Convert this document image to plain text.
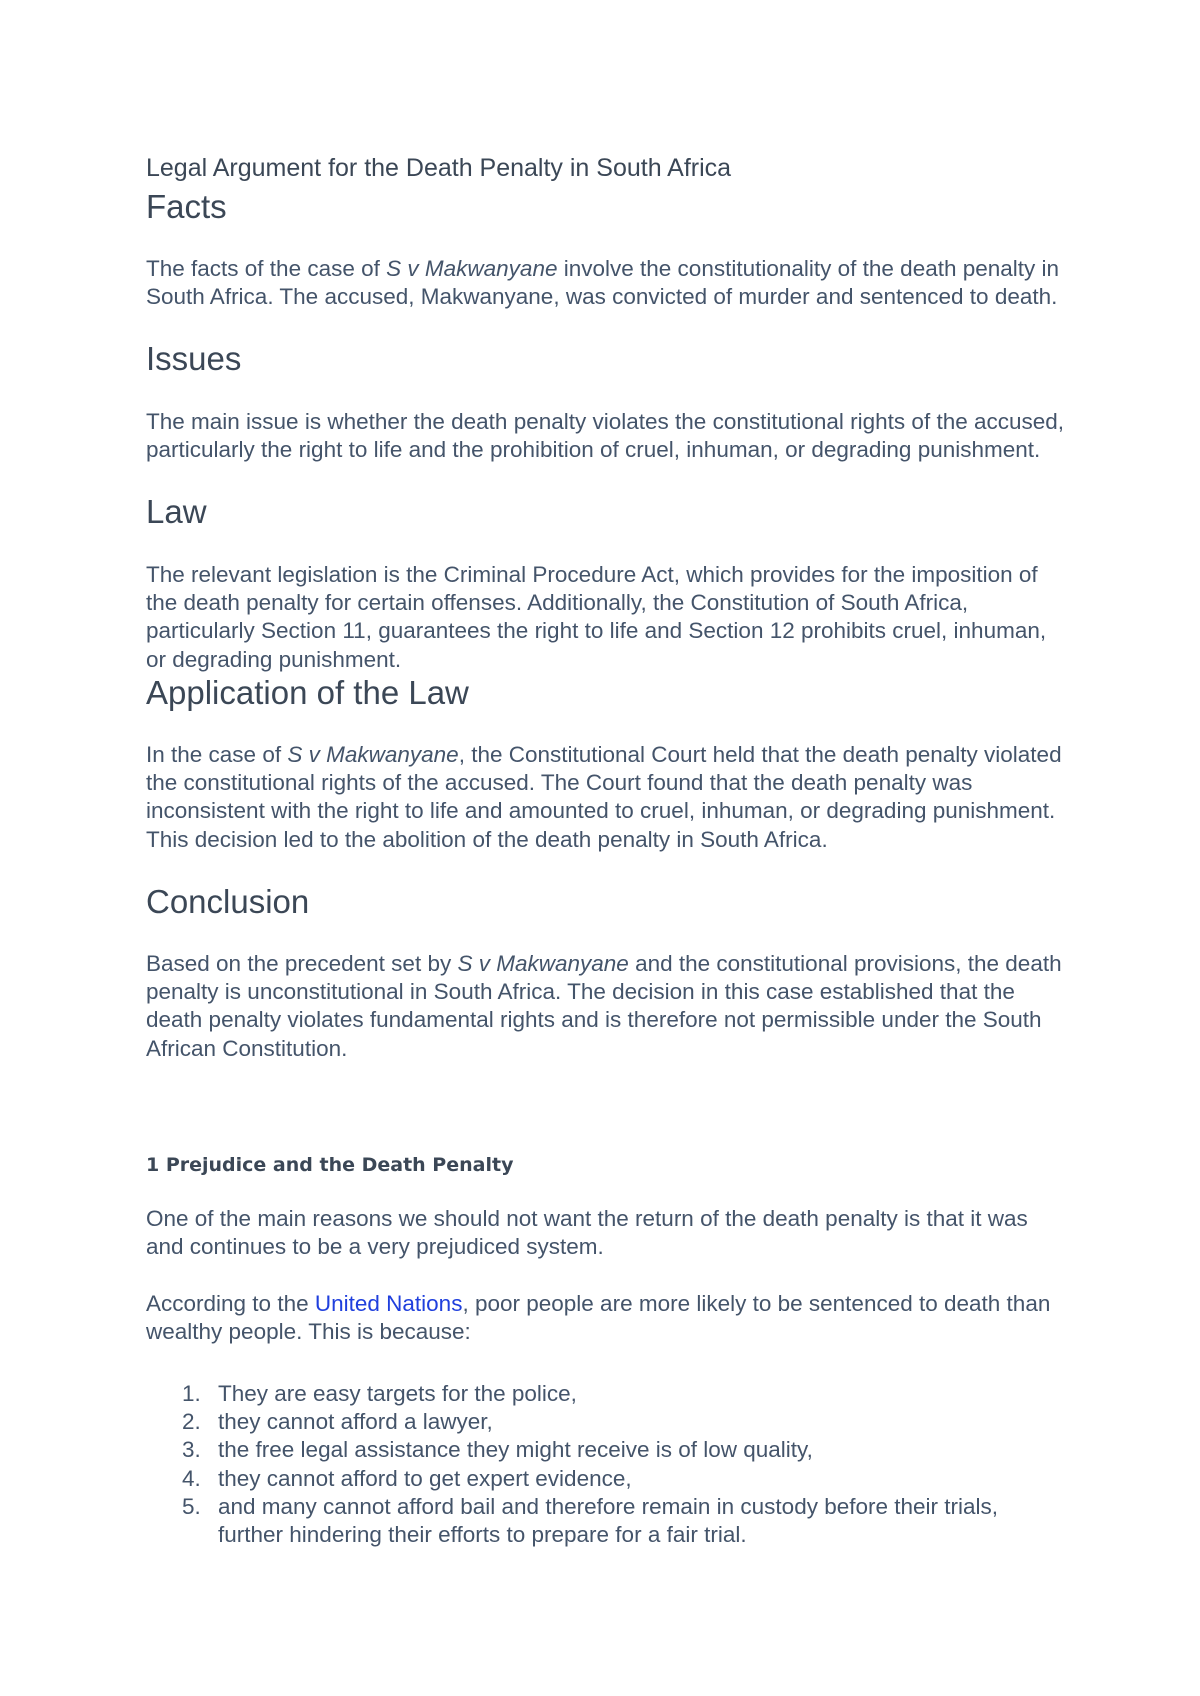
Legal Argument for the Death Penalty in South Africa
Facts

The facts of the case of S v Makwanyane involve the constitutionality of the death penalty in South Africa. The accused, Makwanyane, was convicted of murder and sentenced to death.

Issues

The main issue is whether the death penalty violates the constitutional rights of the accused, particularly the right to life and the prohibition of cruel, inhuman, or degrading punishment.

Law

The relevant legislation is the Criminal Procedure Act, which provides for the imposition of the death penalty for certain offenses. Additionally, the Constitution of South Africa, particularly Section 11, guarantees the right to life and Section 12 prohibits cruel, inhuman, or degrading punishment.

Application of the Law

In the case of S v Makwanyane, the Constitutional Court held that the death penalty violated the constitutional rights of the accused. The Court found that the death penalty was inconsistent with the right to life and amounted to cruel, inhuman, or degrading punishment. This decision led to the abolition of the death penalty in South Africa.

Conclusion

Based on the precedent set by S v Makwanyane and the constitutional provisions, the death penalty is unconstitutional in South Africa. The decision in this case established that the death penalty violates fundamental rights and is therefore not permissible under the South African Constitution.

1 Prejudice and the Death Penalty

One of the main reasons we should not want the return of the death penalty is that it was and continues to be a very prejudiced system.

According to the United Nations, poor people are more likely to be sentenced to death than wealthy people. This is because:

1. They are easy targets for the police,
2. they cannot afford a lawyer,
3. the free legal assistance they might receive is of low quality,
4. they cannot afford to get expert evidence,
5. and many cannot afford bail and therefore remain in custody before their trials, further hindering their efforts to prepare for a fair trial.
